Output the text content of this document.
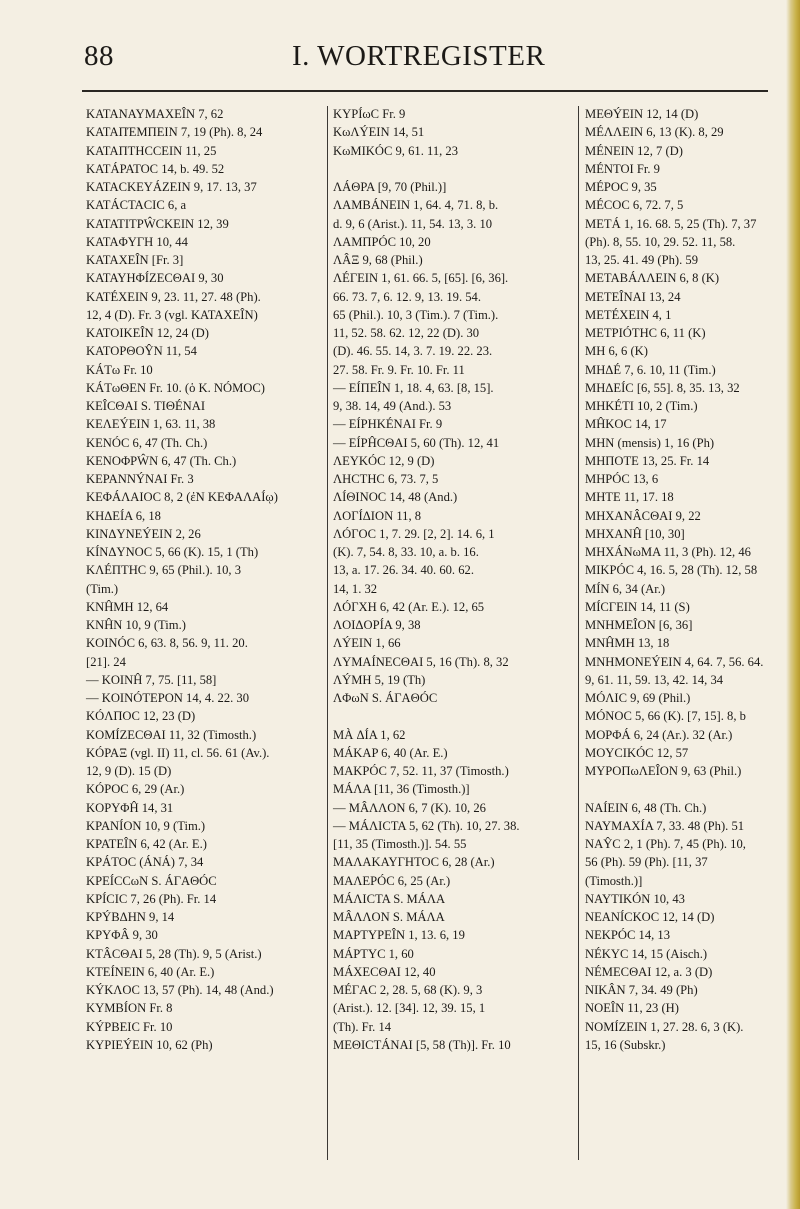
88	I. WORTREGISTER
KATANAYMAXEÎN 7, 62
KATAΠΈΜΠΕΙΝ 7, 19 (Ph). 8, 24
KATAΠΤΗCCEIN 11, 25
KATÁPATOC 14, b. 49. 52
KATACKEYÁZEIN 9, 17. 13, 37
KATÁCTACIC 6, a
KATATITPŴCKEIN 12, 39
KATAΦYΓΗ 10, 44
KATAXEÎN [Fr. 3]
KATAYHΦÍZECΘAI 9, 30
KATÉXEIN 9, 23. 11, 27. 48 (Ph).
12, 4 (D). Fr. 3 (vgl. KATAXEÎN)
KATOIKEÎN 12, 24 (D)
KATOPΘOŶN 11, 54
KÁTω Fr. 10
KÁTωΘEN Fr. 10. (ὁ K. NÓMOC)
KEÎCΘAI S. TIΘÉNAI
KEΛEÝEIN 1, 63. 11, 38
KENÓC 6, 47 (Th. Ch.)
KENOΦΡŴN 6, 47 (Th. Ch.)
KEPANNÝNAI Fr. 3
KEΦÁΛAIOC 8, 2 (ἐN KEΦAΛAÍῳ)
KHΔEÍA 6, 18
KINΔYNEÝEIN 2, 26
KÍNΔYNOC 5, 66 (K). 15, 1 (Th)
KΛÉΠΤΗC 9, 65 (Phil.). 10, 3
(Tim.)
KNĤMH 12, 64
KNĤN 10, 9 (Tim.)
KOINÓC 6, 63. 8, 56. 9, 11. 20.
[21]. 24
— KOINĤ 7, 75. [11, 58]
— KOINÓTEPON 14, 4. 22. 30
KÓΛΠOC 12, 23 (D)
KOMÍZECΘAI 11, 32 (Timosth.)
KÓPAΞ (vgl. II) 11, cl. 56. 61 (Av.).
12, 9 (D). 15 (D)
KÓPOC 6, 29 (Ar.)
KOPYΦĤ 14, 31
KPANÍON 10, 9 (Tim.)
KPATEÎN 6, 42 (Ar. E.)
KPÁTOC (ÁNÁ) 7, 34
KPEÍCCωN S. ÁΓAΘÓC
KPÍCIC 7, 26 (Ph). Fr. 14
KPÝBΔHN 9, 14
KPYΦÂ 9, 30
KTÂCΘAI 5, 28 (Th). 9, 5 (Arist.)
KTEÍNEIN 6, 40 (Ar. E.)
KÝKΛOC 13, 57 (Ph). 14, 48 (And.)
KYMBÍON Fr. 8
KÝPBEIC Fr. 10
KYPIEÝEIN 10, 62 (Ph)
KYPÍωC Fr. 9
KωΛÝEIN 14, 51
KωMIKÓC 9, 61. 11, 23
ΛÁΘPA [9, 70 (Phil.)]
ΛAMBÁNEIN 1, 64. 4, 71. 8, b.
d. 9, 6 (Arist.). 11, 54. 13, 3. 10
ΛAMΠPÓC 10, 20
ΛÂΞ 9, 68 (Phil.)
ΛÉΓEIN 1, 61. 66. 5, [65]. [6, 36].
66. 73. 7, 6. 12. 9, 13. 19. 54.
65 (Phil.). 10, 3 (Tim.). 7 (Tim.).
11, 52. 58. 62. 12, 22 (D). 30
(D). 46. 55. 14, 3. 7. 19. 22. 23.
27. 58. Fr. 9. Fr. 10. Fr. 11
— EÍΠEÎN 1, 18. 4, 63. [8, 15].
9, 38. 14, 49 (And.). 53
— EÍPHKÉNAI Fr. 9
— EÍPĤCΘAI 5, 60 (Th). 12, 41
ΛEYKÓC 12, 9 (D)
ΛHCTHC 6, 73. 7, 5
ΛÍΘINOC 14, 48 (And.)
ΛOΓÍΔION 11, 8
ΛÓΓOC 1, 7. 29. [2, 2]. 14. 6, 1
(K). 7, 54. 8, 33. 10, a. b. 16.
13, a. 17. 26. 34. 40. 60. 62.
14, 1. 32
ΛÓΓXH 6, 42 (Ar. E.). 12, 65
ΛOIΔOPÍA 9, 38
ΛÝEIN 1, 66
ΛYMAÍNECΘAI 5, 16 (Th). 8, 32
ΛÝMH 5, 19 (Th)
ΛΦωN S. ÁΓAΘÓC
MÀ ΔÍA 1, 62
MÁKAP 6, 40 (Ar. E.)
MAKPÓC 7, 52. 11, 37 (Timosth.)
MÁΛA [11, 36 (Timosth.)]
— MÂΛΛON 6, 7 (K). 10, 26
— MÁΛICTA 5, 62 (Th). 10, 27. 38.
[11, 35 (Timosth.)]. 54. 55
MAΛAKAYΓHTOC 6, 28 (Ar.)
MAΛEPÓC 6, 25 (Ar.)
MÁΛICTA S. MÁΛA
MÂΛΛON S. MÁΛA
MAPTYPEÎN 1, 13. 6, 19
MÁPTYC 1, 60
MÁXECΘAI 12, 40
MÉΓAC 2, 28. 5, 68 (K). 9, 3
(Arist.). 12. [34]. 12, 39. 15, 1
(Th). Fr. 14
MEΘICTÁNAI [5, 58 (Th)]. Fr. 10
MEΘÝEIN 12, 14 (D)
MÉΛΛEIN 6, 13 (K). 8, 29
MÉNEIN 12, 7 (D)
MÉNTOI Fr. 9
MÉPOC 9, 35
MÉCOC 6, 72. 7, 5
METÁ 1, 16. 68. 5, 25 (Th). 7, 37
(Ph). 8, 55. 10, 29. 52. 11, 58.
13, 25. 41. 49 (Ph). 59
METABÁΛΛEIN 6, 8 (K)
METEÎNAI 13, 24
METÉXEIN 4, 1
METPIÓTHC 6, 11 (K)
MH 6, 6 (K)
MHΔÉ 7, 6. 10, 11 (Tim.)
MHΔEÍC [6, 55]. 8, 35. 13, 32
MHKÉTI 10, 2 (Tim.)
MĤKOC 14, 17
MHN (mensis) 1, 16 (Ph)
MHΠOTE 13, 25. Fr. 14
MHPÓC 13, 6
MHTE 11, 17. 18
MHXANÂCΘAI 9, 22
MHXANĤ [10, 30]
MHXÁNωMA 11, 3 (Ph). 12, 46
MIKPÓC 4, 16. 5, 28 (Th). 12, 58
MÍN 6, 34 (Ar.)
MÍCΓEIN 14, 11 (S)
MNHMEÎON [6, 36]
MNĤMH 13, 18
MNHMONEÝEIN 4, 64. 7, 56. 64.
9, 61. 11, 59. 13, 42. 14, 34
MÓΛIC 9, 69 (Phil.)
MÓNOC 5, 66 (K). [7, 15]. 8, b
MOPΦÁ 6, 24 (Ar.). 32 (Ar.)
MOYCIKÓC 12, 57
MYPOΠωΛEÎON 9, 63 (Phil.)
NAÍEIN 6, 48 (Th. Ch.)
NAYMAXÍA 7, 33. 48 (Ph). 51
NAŶC 2, 1 (Ph). 7, 45 (Ph). 10,
56 (Ph). 59 (Ph). [11, 37
(Timosth.)]
NAYTIKÓN 10, 43
NEANÍCKOC 12, 14 (D)
NEKPÓC 14, 13
NÉKYC 14, 15 (Aisch.)
NÉMECΘAI 12, a. 3 (D)
NIKÂN 7, 34. 49 (Ph)
NOEÎN 11, 23 (H)
NOMÍZEIN 1, 27. 28. 6, 3 (K).
15, 16 (Subskr.)
